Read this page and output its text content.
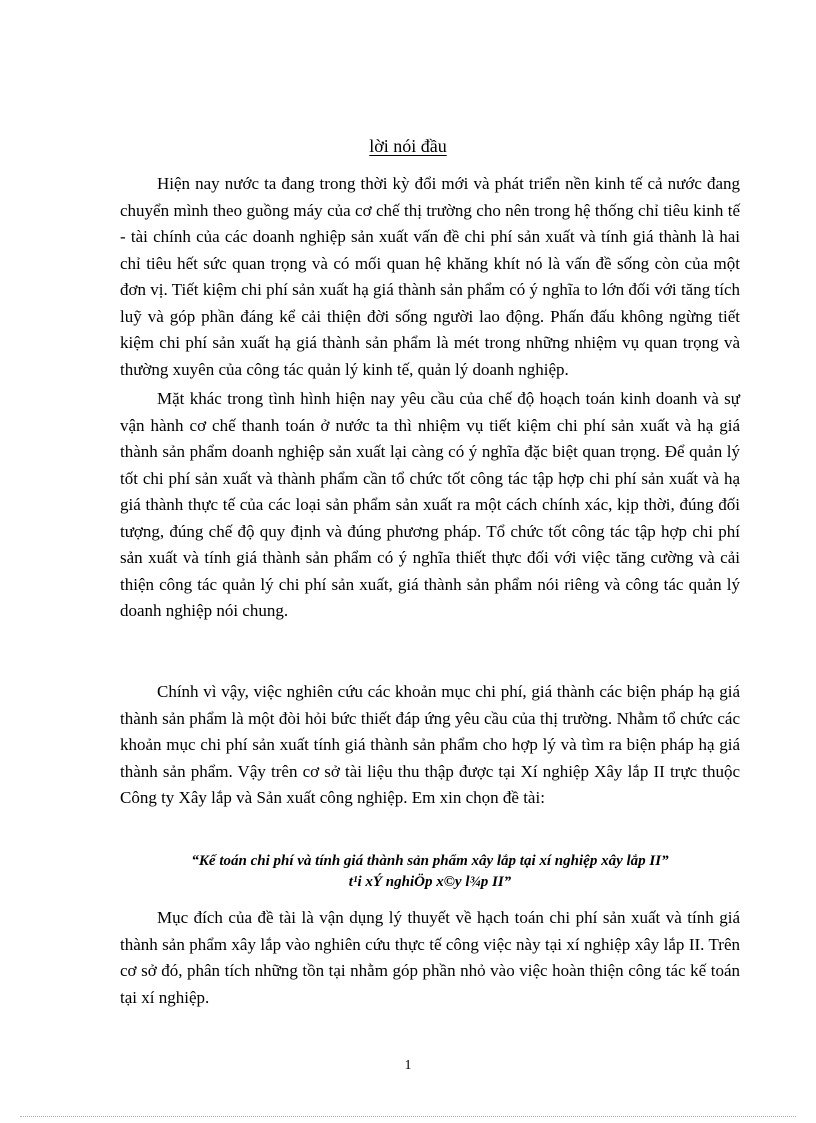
lời nói đầu

Hiện nay nước ta đang trong thời kỳ đổi mới và phát triển nền kinh tế cả nước đang chuyển mình theo guồng máy của cơ chế thị trường cho nên trong hệ thống chỉ tiêu kinh tế - tài chính của các doanh nghiệp sản xuất vấn đề chi phí sản xuất và tính giá thành là hai chỉ tiêu hết sức quan trọng và có mối quan hệ khăng khít nó là vấn đề sống còn của một đơn vị. Tiết kiệm chi phí sản xuất hạ giá thành sản phẩm có ý nghĩa to lớn đối với tăng tích luỹ và góp phần đáng kể cải thiện đời sống người lao động. Phấn đấu không ngừng tiết kiệm chi phí sản xuất hạ giá thành sản phẩm là mét trong những nhiệm vụ quan trọng và thường xuyên của công tác quản lý kinh tế, quản lý doanh nghiệp.

Mặt khác trong tình hình hiện nay yêu cầu của chế độ hoạch toán kinh doanh và sự vận hành cơ chế thanh toán ở nước ta thì nhiệm vụ tiết kiệm chi phí sản xuất và hạ giá thành sản phẩm doanh nghiệp sản xuất lại càng có ý nghĩa đặc biệt quan trọng. Để quản lý tốt chi phí sản xuất và thành phẩm cần tổ chức tốt công tác tập hợp chi phí sản xuất và hạ giá thành thực tế của các loại sản phẩm sản xuất ra một cách chính xác, kịp thời, đúng đối tượng, đúng chế độ quy định và đúng phương pháp. Tổ chức tốt công tác tập hợp chi phí sản xuất và tính giá thành sản phẩm có ý nghĩa thiết thực đối với việc tăng cường và cải thiện công tác quản lý chi phí sản xuất, giá thành sản phẩm nói riêng và công tác quản lý doanh nghiệp nói chung.

Chính vì vậy, việc nghiên cứu các khoản mục chi phí, giá thành các biện pháp hạ giá thành sản phẩm là một đòi hỏi bức thiết đáp ứng yêu cầu của thị trường. Nhằm tổ chức các khoản mục chi phí sản xuất tính giá thành sản phẩm cho hợp lý và tìm ra biện pháp hạ giá thành sản phẩm. Vậy trên cơ sở tài liệu thu thập được tại Xí nghiệp Xây lắp II trực thuộc Công ty Xây lắp và Sản xuất công nghiệp. Em xin chọn đề tài:

“Kế toán chi phí và tính giá thành sản phẩm xây lắp tại xí nghiệp xây lắp II”

t¹i xÝ nghiÖp x©y l¾p II”

Mục đích của đề tài là vận dụng lý thuyết về hạch toán chi phí sản xuất và tính giá thành sản phẩm xây lắp vào nghiên cứu thực tế công việc này tại xí nghiệp xây lắp II. Trên cơ sở đó, phân tích những tồn tại nhằm góp phần nhỏ vào việc hoàn thiện công tác kế toán tại xí nghiệp.

1
